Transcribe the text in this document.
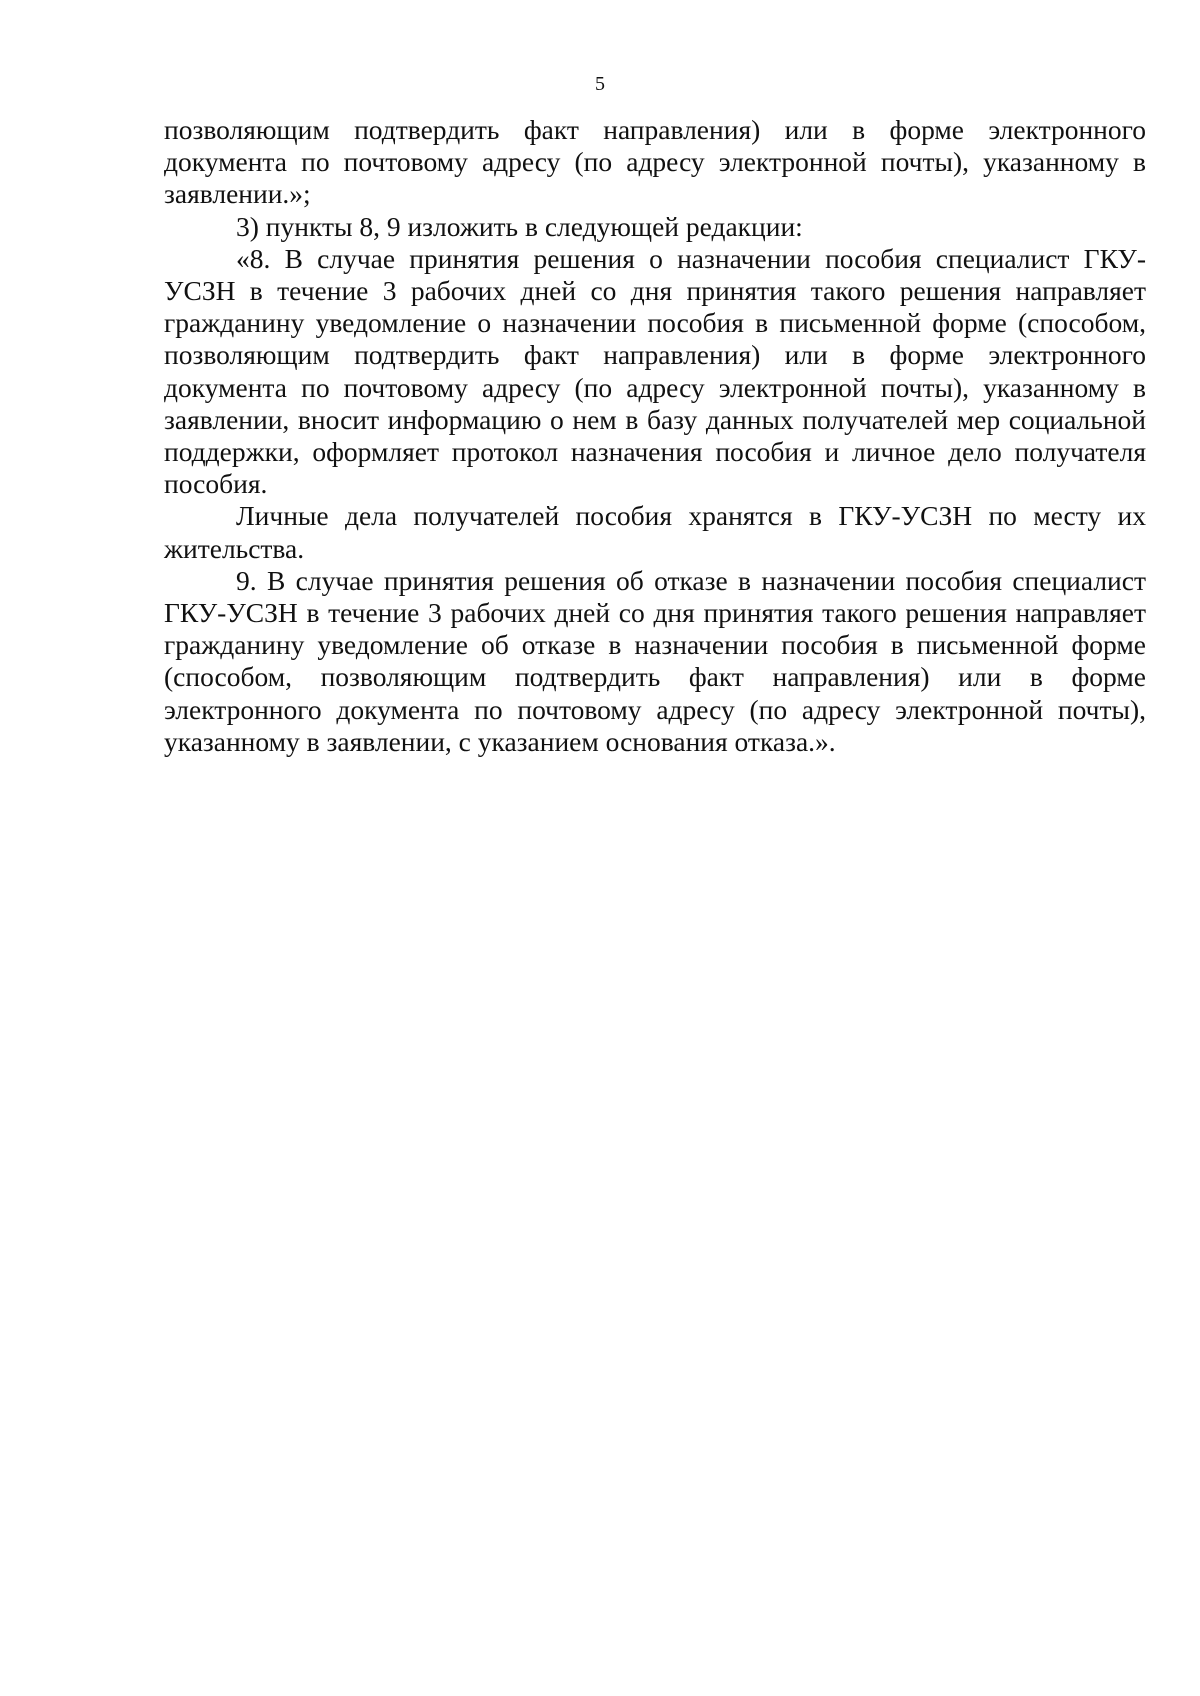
5

позволяющим подтвердить факт направления) или в форме электронного документа по почтовому адресу (по адресу электронной почты), указанному в заявлении.»;

3) пункты 8, 9 изложить в следующей редакции:

«8. В случае принятия решения о назначении пособия специалист ГКУ-УСЗН в течение 3 рабочих дней со дня принятия такого решения направляет гражданину уведомление о назначении пособия в письменной форме (способом, позволяющим подтвердить факт направления) или в форме электронного документа по почтовому адресу (по адресу электронной почты), указанному в заявлении, вносит информацию о нем в базу данных получателей мер социальной поддержки, оформляет протокол назначения пособия и личное дело получателя пособия.

Личные дела получателей пособия хранятся в ГКУ-УСЗН по месту их жительства.

9. В случае принятия решения об отказе в назначении пособия специалист ГКУ-УСЗН в течение 3 рабочих дней со дня принятия такого решения направляет гражданину уведомление об отказе в назначении пособия в письменной форме (способом, позволяющим подтвердить факт направления) или в форме электронного документа по почтовому адресу (по адресу электронной почты), указанному в заявлении, с указанием основания отказа.».
